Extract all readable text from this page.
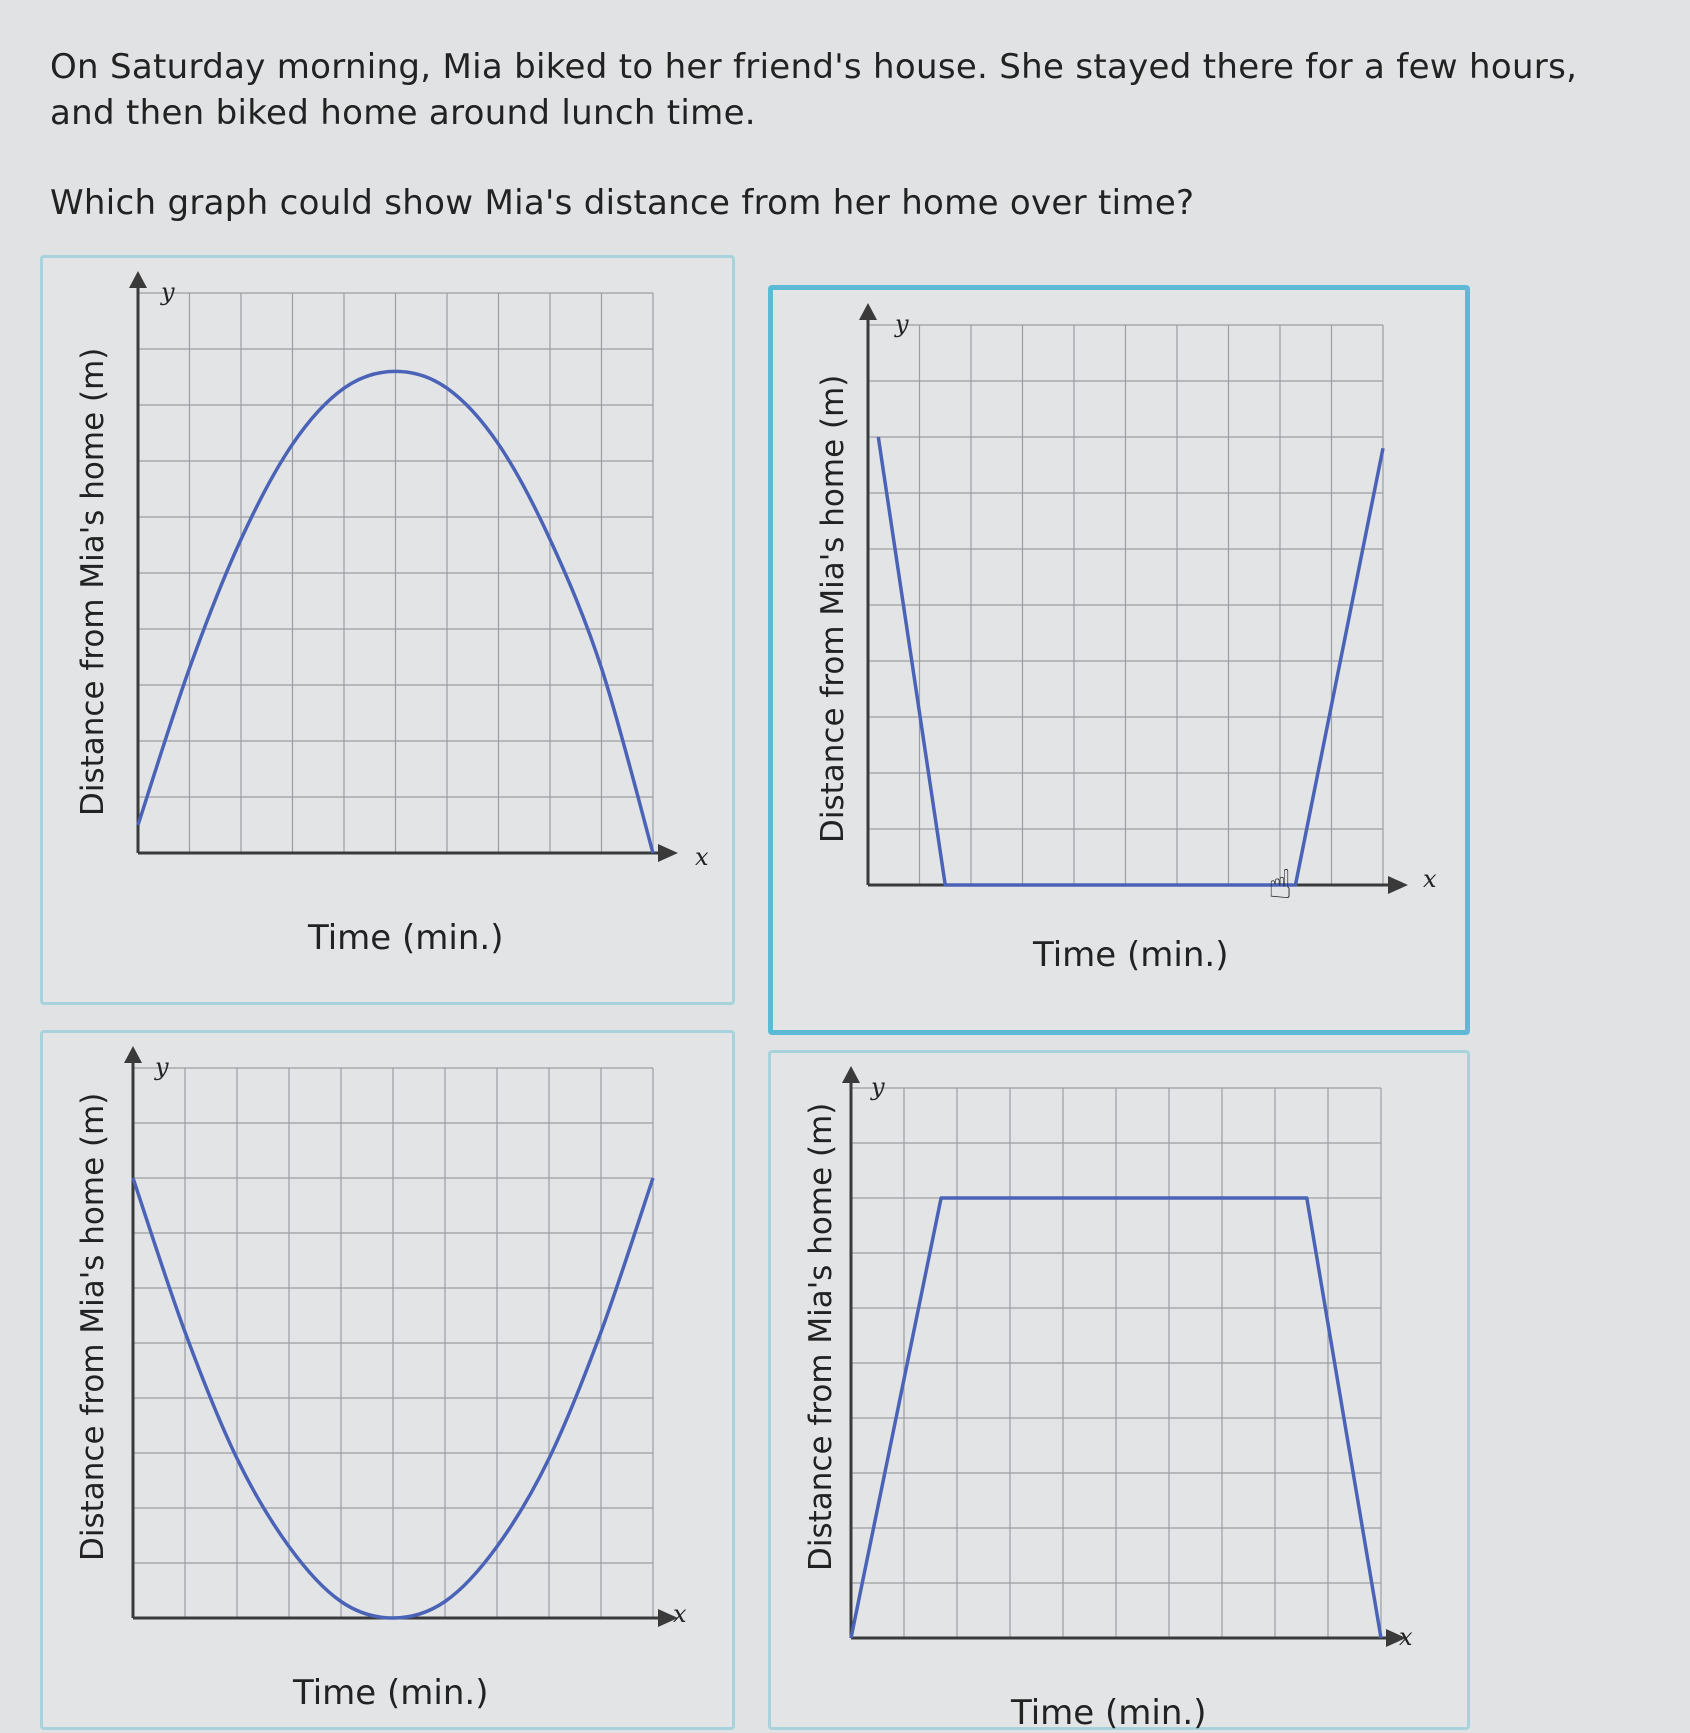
On Saturday morning, Mia biked to her friend's house. She stayed there for a few hours, and then biked home around lunch time.
Which graph could show Mia's distance from her home over time?
Distance from Mia's home (m)
y
x
Time (min.)
Distance from Mia's home (m)
y
x
Time (min.)
☝
Distance from Mia's home (m)
y
x
Time (min.)
Distance from Mia's home (m)
y
x
Time (min.)
